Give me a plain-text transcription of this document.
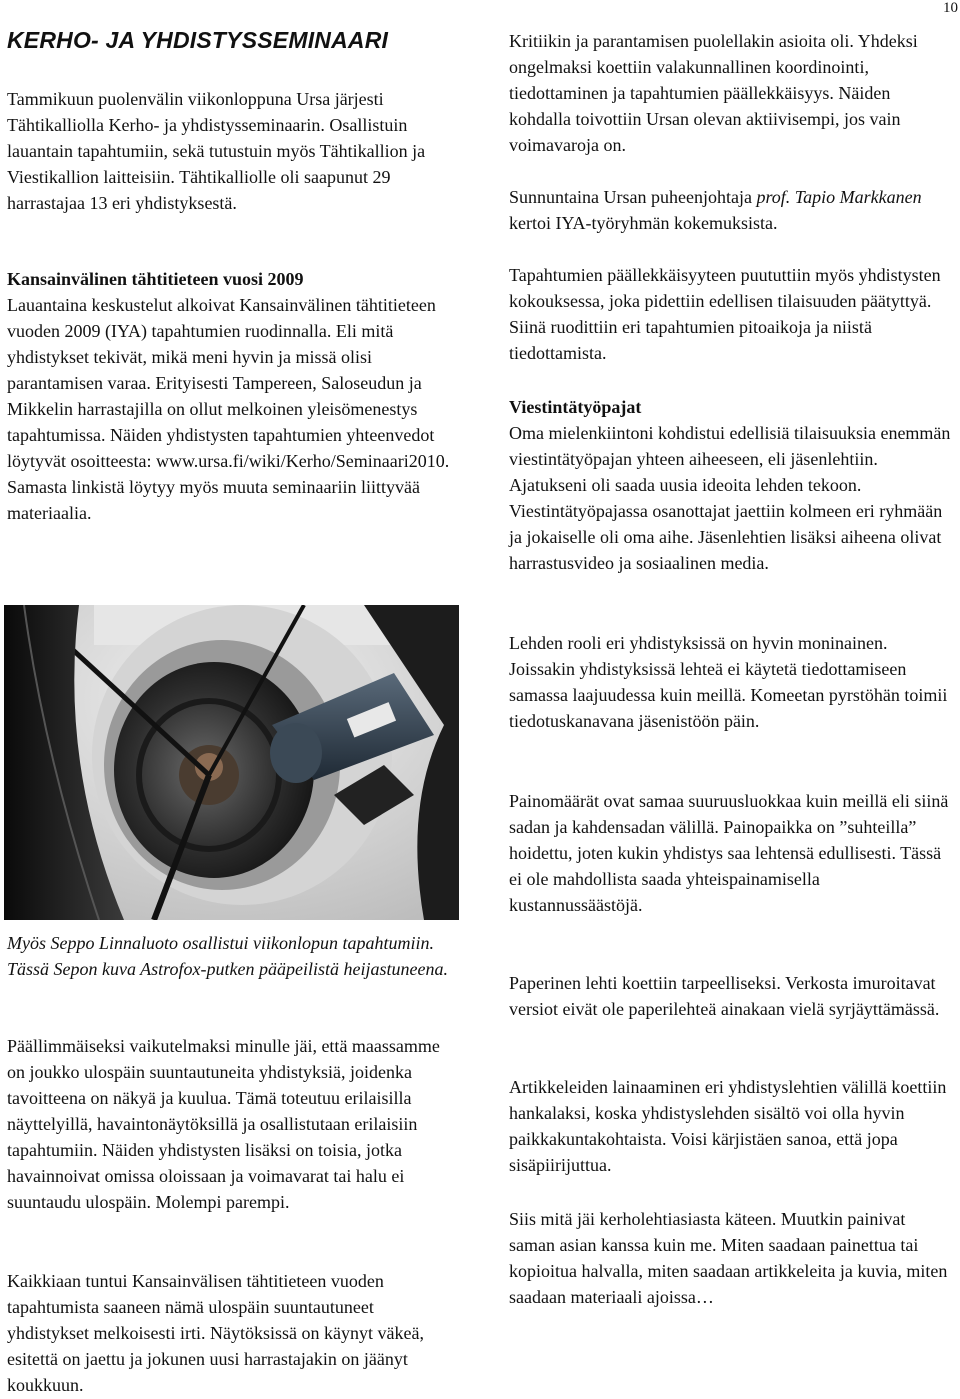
10
KERHO- JA YHDISTYSSEMINAARI

Tammikuun puolenvälin viikonloppuna Ursa järjesti Tähtikalliolla Kerho- ja yhdistysseminaarin. Osallistuin lauantain tapahtumiin, sekä tutustuin myös Tähtikallion ja Viestikallion laitteisiin. Tähtikalliolle oli saapunut 29 harrastajaa 13 eri yhdistyksestä.

Kansainvälinen tähtitieteen vuosi 2009
Lauantaina keskustelut alkoivat Kansainvälinen tähtitieteen vuoden 2009 (IYA) tapahtumien ruodinnalla. Eli mitä yhdistykset tekivät, mikä meni hyvin ja missä olisi parantamisen varaa. Erityisesti Tampereen, Saloseudun ja Mikkelin harrastajilla on ollut melkoinen yleisömenestys tapahtumissa. Näiden yhdistysten tapahtumien yhteenvedot löytyvät osoitteesta: www.ursa.fi/wiki/Kerho/Seminaari2010. Samasta linkistä löytyy myös muuta seminaariin liittyvää materiaalia.

Myös Seppo Linnaluoto osallistui viikonlopun tapahtumiin. Tässä Sepon kuva Astrofox-putken pääpeilistä heijastuneena.

Päällimmäiseksi vaikutelmaksi minulle jäi, että maassamme on joukko ulospäin suuntautuneita yhdistyksiä, joidenka tavoitteena on näkyä ja kuulua. Tämä toteutuu erilaisilla näyttelyillä, havaintonäytöksillä ja osallistutaan erilaisiin tapahtumiin. Näiden yhdistysten lisäksi on toisia, jotka havainnoivat omissa oloissaan ja voimavarat tai halu ei suuntaudu ulospäin. Molempi parempi.

Kaikkiaan tuntui Kansainvälisen tähtitieteen vuoden tapahtumista saaneen nämä ulospäin suuntautuneet yhdistykset melkoisesti irti. Näytöksissä on käynyt väkeä, esitettä on jaettu ja jokunen uusi harrastajakin on jäänyt koukkuun.

Kritiikin ja parantamisen puolellakin asioita oli. Yhdeksi ongelmaksi koettiin valakunnallinen koordinointi, tiedottaminen ja tapahtumien päällekkäisyys. Näiden kohdalla toivottiin Ursan olevan aktiivisempi, jos vain voimavaroja on.

Sunnuntaina Ursan puheenjohtaja prof. Tapio Markkanen kertoi IYA-työryhmän kokemuksista.

Tapahtumien päällekkäisyyteen puututtiin myös yhdistysten kokouksessa, joka pidettiin edellisen tilaisuuden päätyttyä. Siinä ruodittiin eri tapahtumien pitoaikoja ja niistä tiedottamista.

Viestintätyöpajat
Oma mielenkiintoni kohdistui edellisiä tilaisuuksia enemmän viestintätyöpajan yhteen aiheeseen, eli jäsenlehtiin. Ajatukseni oli saada uusia ideoita lehden tekoon. Viestintätyöpajassa osanottajat jaettiin kolmeen eri ryhmään ja jokaiselle oli oma aihe. Jäsenlehtien lisäksi aiheena olivat harrastusvideo ja sosiaalinen media.

Lehden rooli eri yhdistyksissä on hyvin moninainen. Joissakin yhdistyksissä lehteä ei käytetä tiedottamiseen samassa laajuudessa kuin meillä. Komeetan pyrstöhän toimii tiedotuskanavana jäsenistöön päin.

Painomäärät ovat samaa suuruusluokkaa kuin meillä eli siinä sadan ja kahdensadan välillä. Painopaikka on ”suhteilla” hoidettu, joten kukin yhdistys saa lehtensä edullisesti. Tässä ei ole mahdollista saada yhteispainamisella kustannussäästöjä.

Paperinen lehti koettiin tarpeelliseksi. Verkosta imuroitavat versiot eivät ole paperilehteä ainakaan vielä syrjäyttämässä.

Artikkeleiden lainaaminen eri yhdistyslehtien välillä koettiin hankalaksi, koska yhdistyslehden sisältö voi olla hyvin paikkakuntakohtaista. Voisi kärjistäen sanoa, että jopa sisäpiirijuttua.

Siis mitä jäi kerholehtiasiasta käteen. Muutkin painivat saman asian kanssa kuin me. Miten saadaan painettua tai kopioitua halvalla, miten saadaan artikkeleita ja kuvia, miten saadaan materiaali ajoissa…
